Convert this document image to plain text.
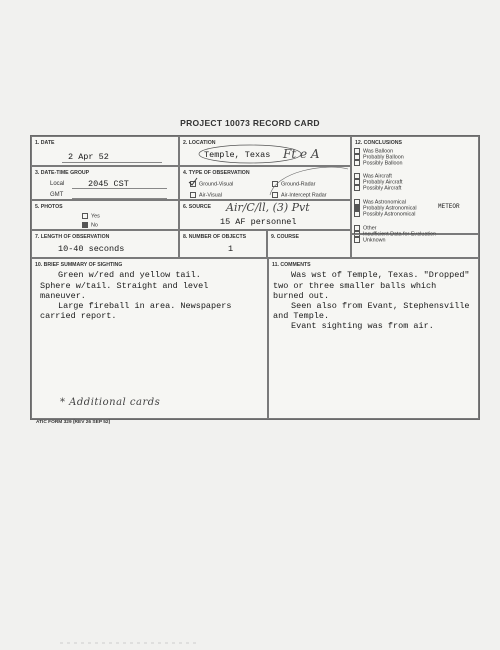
PROJECT 10073 RECORD CARD
1. DATE
2 Apr 52
2. LOCATION
Temple, Texas Ft e A
12. CONCLUSIONS
3. DATE-TIME GROUP
Local	2045 CST
GMT
4. TYPE OF OBSERVATION
Ground-Visual	Ground-Radar
Air-Visual	Air-Intercept Radar
5. PHOTOS
Yes
No
6. SOURCE Air/C/ll, (3) Pvt
15 AF personnel
Was Balloon
Probably Balloon
Possibly Balloon
Was Aircraft
Probably Aircraft
Possibly Aircraft
Was Astronomical
Probably Astronomical	METEOR
Possibly Astronomical
Other
Insufficient Data for Evaluation
Unknown
7. LENGTH OF OBSERVATION
10-40 seconds
8. NUMBER OF OBJECTS
1
9. COURSE
10. BRIEF SUMMARY OF SIGHTING
Green w/red and yellow tail.
Sphere w/tail. Straight and level
maneuver.
Large fireball in area. Newspapers
carried report.
* Additional cards
11. COMMENTS
Was wst of Temple, Texas. "Dropped"
two or three smaller balls which
burned out.
Seen also from Evant, Stephensville
and Temple.
Evant sighting was from air.
ATIC FORM 329 (REV 26 SEP 52)
